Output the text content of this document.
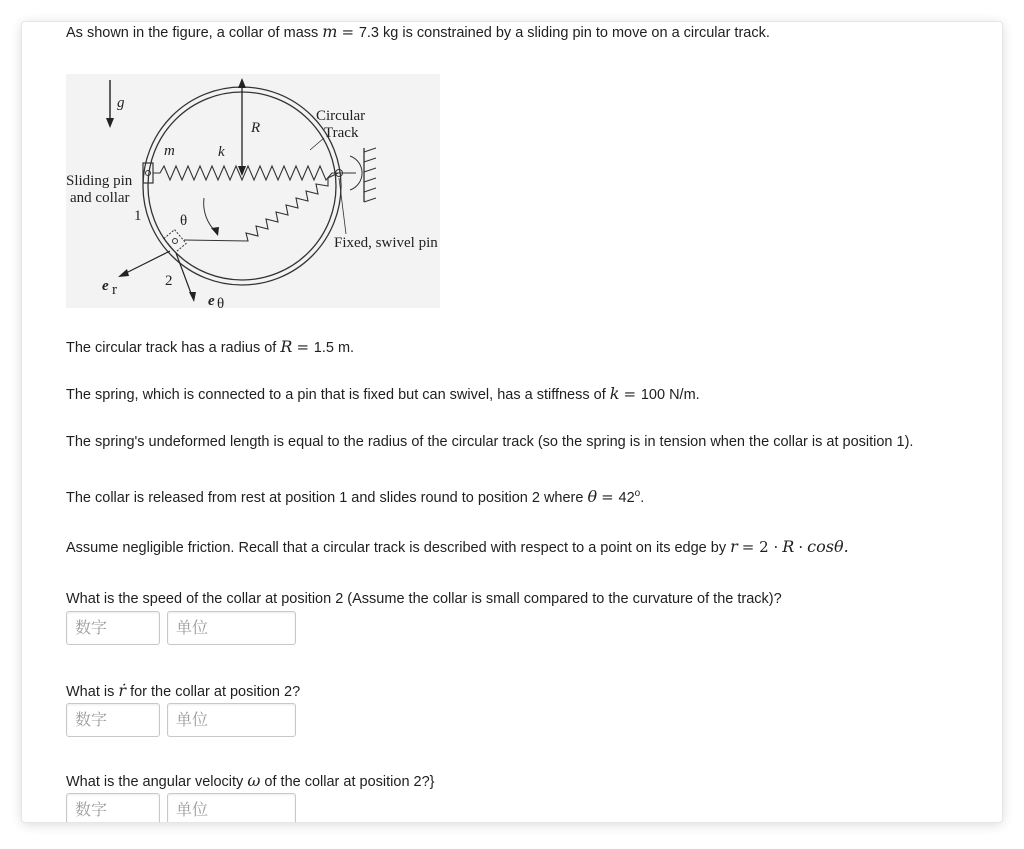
As shown in the figure, a collar of mass m = 7.3 kg is constrained by a sliding pin to move on a circular track.
g
R
θ
e r
e θ
m	k
Circular
Track
Sliding pin
and collar
1
2
Fixed, swivel pin
The circular track has a radius of R = 1.5 m.
The spring, which is connected to a pin that is fixed but can swivel, has a stiffness of k = 100 N/m.
The spring's undeformed length is equal to the radius of the circular track (so the spring is in tension when the collar is at position 1).
The collar is released from rest at position 1 and slides round to position 2 where $\theta = 42^o$.
Assume negligible friction. Recall that a circular track is described with respect to a point on its edge by r = 2 · R · cosθ.
What is the speed of the collar at position 2 (Assume the collar is small compared to the curvature of the track)?
数字	单位
What is ṙ for the collar at position 2?
数字	单位
What is the angular velocity ω of the collar at position 2?}
数字	单位
